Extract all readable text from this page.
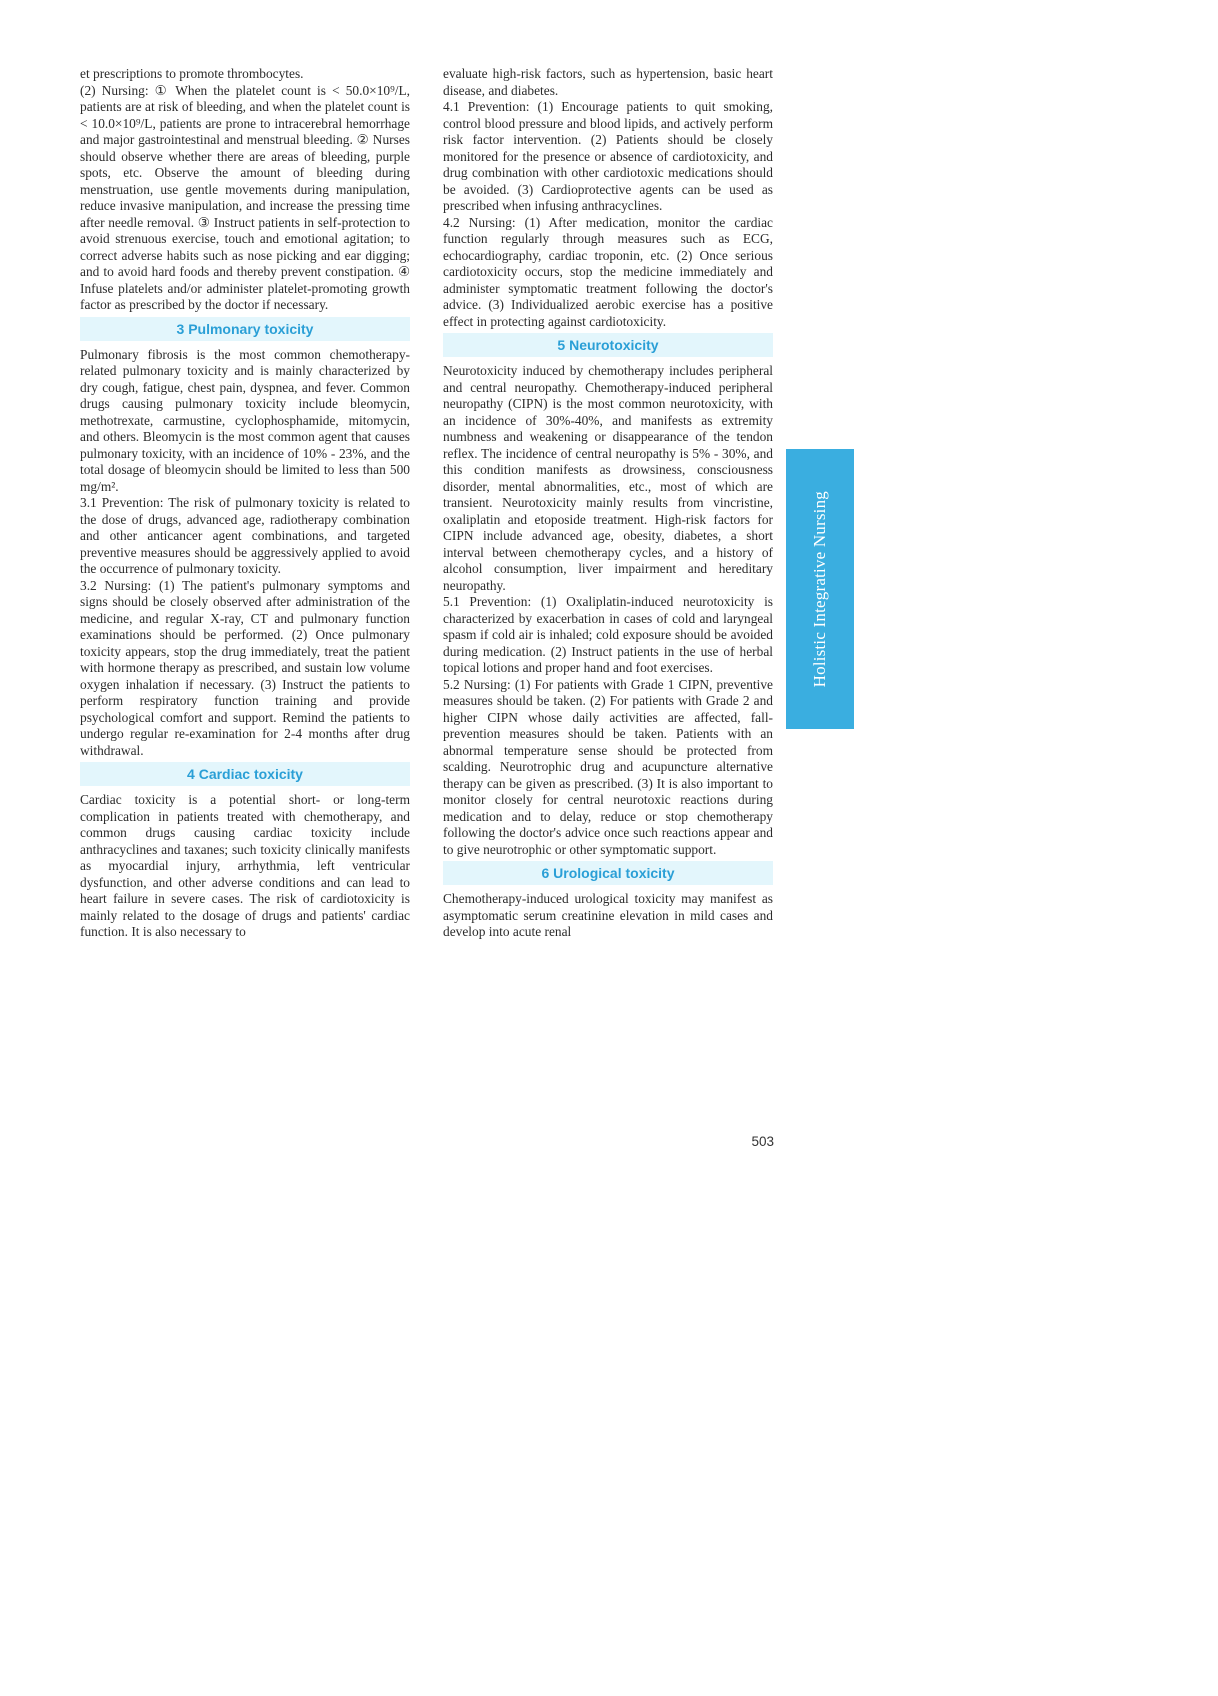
et prescriptions to promote thrombocytes.

(2) Nursing: ① When the platelet count is < 50.0×10⁹/L, patients are at risk of bleeding, and when the platelet count is < 10.0×10⁹/L, patients are prone to intracerebral hemorrhage and major gastrointestinal and menstrual bleeding. ② Nurses should observe whether there are areas of bleeding, purple spots, etc. Observe the amount of bleeding during menstruation, use gentle movements during manipulation, reduce invasive manipulation, and increase the pressing time after needle removal. ③ Instruct patients in self-protection to avoid strenuous exercise, touch and emotional agitation; to correct adverse habits such as nose picking and ear digging; and to avoid hard foods and thereby prevent constipation. ④ Infuse platelets and/or administer platelet-promoting growth factor as prescribed by the doctor if necessary.

3 Pulmonary toxicity

Pulmonary fibrosis is the most common chemotherapy-related pulmonary toxicity and is mainly characterized by dry cough, fatigue, chest pain, dyspnea, and fever. Common drugs causing pulmonary toxicity include bleomycin, methotrexate, carmustine, cyclophosphamide, mitomycin, and others. Bleomycin is the most common agent that causes pulmonary toxicity, with an incidence of 10% - 23%, and the total dosage of bleomycin should be limited to less than 500 mg/m².

3.1 Prevention: The risk of pulmonary toxicity is related to the dose of drugs, advanced age, radiotherapy combination and other anticancer agent combinations, and targeted preventive measures should be aggressively applied to avoid the occurrence of pulmonary toxicity.

3.2 Nursing: (1) The patient's pulmonary symptoms and signs should be closely observed after administration of the medicine, and regular X-ray, CT and pulmonary function examinations should be performed. (2) Once pulmonary toxicity appears, stop the drug immediately, treat the patient with hormone therapy as prescribed, and sustain low volume oxygen inhalation if necessary. (3) Instruct the patients to perform respiratory function training and provide psychological comfort and support. Remind the patients to undergo regular re-examination for 2-4 months after drug withdrawal.

4 Cardiac toxicity

Cardiac toxicity is a potential short- or long-term complication in patients treated with chemotherapy, and common drugs causing cardiac toxicity include anthracyclines and taxanes; such toxicity clinically manifests as myocardial injury, arrhythmia, left ventricular dysfunction, and other adverse conditions and can lead to heart failure in severe cases. The risk of cardiotoxicity is mainly related to the dosage of drugs and patients' cardiac function. It is also necessary to

evaluate high-risk factors, such as hypertension, basic heart disease, and diabetes.

4.1 Prevention: (1) Encourage patients to quit smoking, control blood pressure and blood lipids, and actively perform risk factor intervention. (2) Patients should be closely monitored for the presence or absence of cardiotoxicity, and drug combination with other cardiotoxic medications should be avoided. (3) Cardioprotective agents can be used as prescribed when infusing anthracyclines.

4.2 Nursing: (1) After medication, monitor the cardiac function regularly through measures such as ECG, echocardiography, cardiac troponin, etc. (2) Once serious cardiotoxicity occurs, stop the medicine immediately and administer symptomatic treatment following the doctor's advice. (3) Individualized aerobic exercise has a positive effect in protecting against cardiotoxicity.

5 Neurotoxicity

Neurotoxicity induced by chemotherapy includes peripheral and central neuropathy. Chemotherapy-induced peripheral neuropathy (CIPN) is the most common neurotoxicity, with an incidence of 30%-40%, and manifests as extremity numbness and weakening or disappearance of the tendon reflex. The incidence of central neuropathy is 5% - 30%, and this condition manifests as drowsiness, consciousness disorder, mental abnormalities, etc., most of which are transient. Neurotoxicity mainly results from vincristine, oxaliplatin and etoposide treatment. High-risk factors for CIPN include advanced age, obesity, diabetes, a short interval between chemotherapy cycles, and a history of alcohol consumption, liver impairment and hereditary neuropathy.

5.1 Prevention: (1) Oxaliplatin-induced neurotoxicity is characterized by exacerbation in cases of cold and laryngeal spasm if cold air is inhaled; cold exposure should be avoided during medication. (2) Instruct patients in the use of herbal topical lotions and proper hand and foot exercises.

5.2 Nursing: (1) For patients with Grade 1 CIPN, preventive measures should be taken. (2) For patients with Grade 2 and higher CIPN whose daily activities are affected, fall-prevention measures should be taken. Patients with an abnormal temperature sense should be protected from scalding. Neurotrophic drug and acupuncture alternative therapy can be given as prescribed. (3) It is also important to monitor closely for central neurotoxic reactions during medication and to delay, reduce or stop chemotherapy following the doctor's advice once such reactions appear and to give neurotrophic or other symptomatic support.

6 Urological toxicity

Chemotherapy-induced urological toxicity may manifest as asymptomatic serum creatinine elevation in mild cases and develop into acute renal

Holistic Integrative Nursing
503
